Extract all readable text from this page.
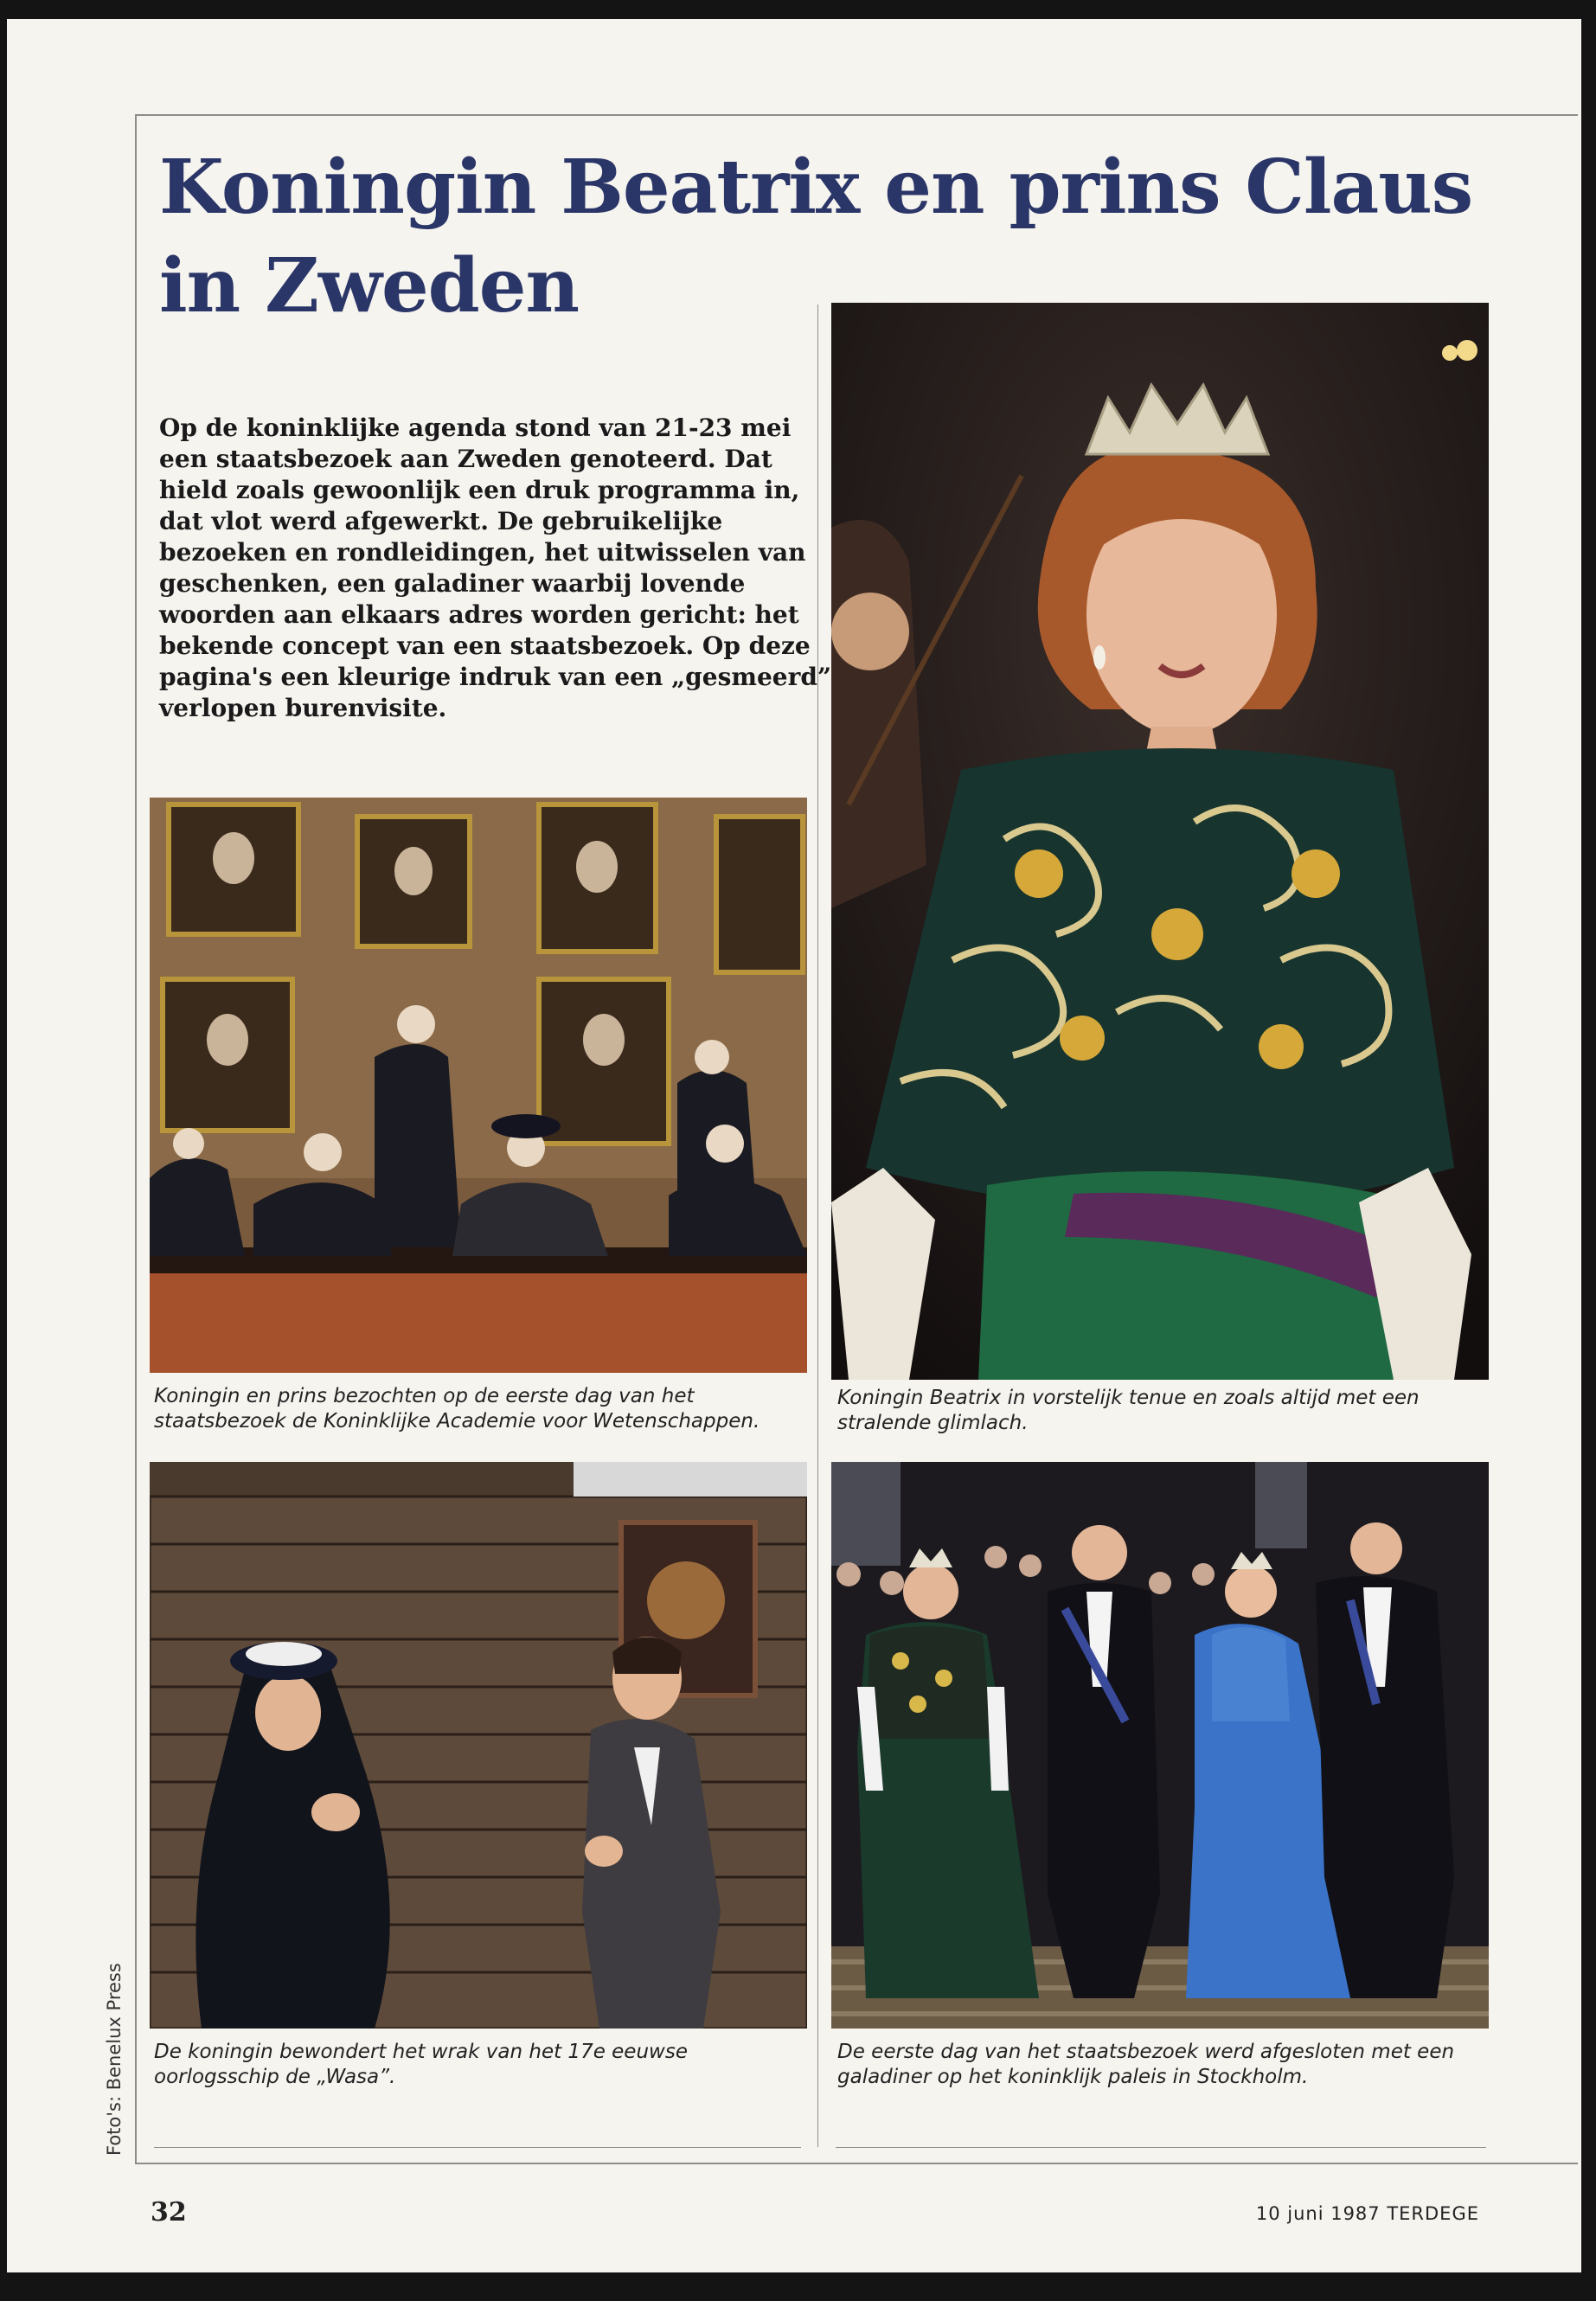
Koningin Beatrix en prins Claus
in Zweden

Op de koninklijke agenda stond van 21-23 mei een staatsbezoek aan Zweden genoteerd. Dat hield zoals gewoonlijk een druk programma in, dat vlot werd afgewerkt. De gebruikelijke bezoeken en rondleidingen, het uitwisselen van geschenken, een galadiner waarbij lovende woorden aan elkaars adres worden gericht: het bekende concept van een staatsbezoek. Op deze pagina's een kleurige indruk van een „gesmeerd” verlopen burenvisite.

Koningin en prins bezochten op de eerste dag van het staatsbezoek de Koninklijke Academie voor Wetenschappen.

Koningin Beatrix in vorstelijk tenue en zoals altijd met een stralende glimlach.

De koningin bewondert het wrak van het 17e eeuwse oorlogsschip de „Wasa”.

De eerste dag van het staatsbezoek werd afgesloten met een galadiner op het koninklijk paleis in Stockholm.

Foto's: Benelux Press
32	10 juni 1987 TERDEGE
